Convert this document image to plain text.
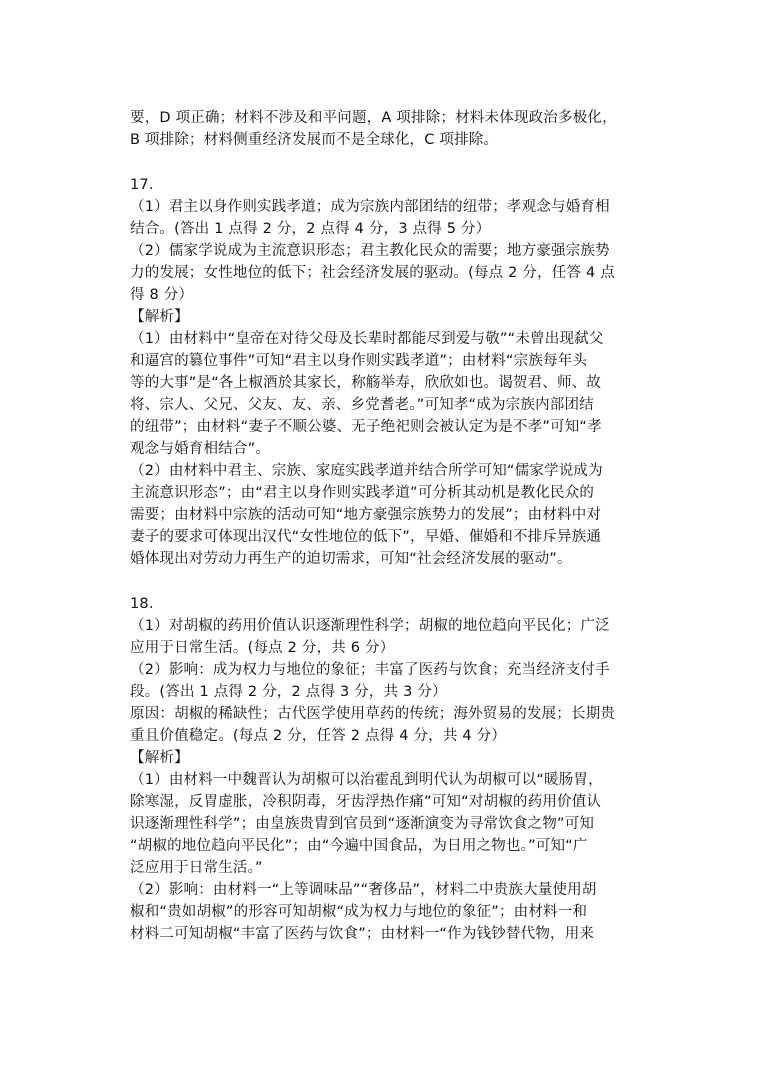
要，D 项正确；材料不涉及和平问题，A 项排除；材料未体现政治多极化，
B 项排除；材料侧重经济发展而不是全球化，C 项排除。
17.
（1）君主以身作则实践孝道；成为宗族内部团结的纽带；孝观念与婚育相
结合。(答出 1 点得 2 分，2 点得 4 分，3 点得 5 分）
（2）儒家学说成为主流意识形态；君主教化民众的需要；地方豪强宗族势
力的发展；女性地位的低下；社会经济发展的驱动。(每点 2 分，任答 4 点
得 8 分）
【解析】
（1）由材料中“皇帝在对待父母及长辈时都能尽到爱与敬”“未曾出现弑父
和逼宫的篡位事件”可知“君主以身作则实践孝道”；由材料“宗族每年头
等的大事”是“各上椒酒於其家长，称觞举寿，欣欣如也。谒贺君、师、故
将、宗人、父兄、父友、友、亲、乡党耆老。”可知孝“成为宗族内部团结
的纽带”；由材料“妻子不顺公婆、无子绝祀则会被认定为是不孝”可知“孝
观念与婚育相结合”。
（2）由材料中君主、宗族、家庭实践孝道并结合所学可知“儒家学说成为
主流意识形态”；由“君主以身作则实践孝道”可分析其动机是教化民众的
需要；由材料中宗族的活动可知“地方豪强宗族势力的发展”；由材料中对
妻子的要求可体现出汉代“女性地位的低下”，早婚、催婚和不排斥异族通
婚体现出对劳动力再生产的迫切需求，可知“社会经济发展的驱动”。
18.
（1）对胡椒的药用价值认识逐渐理性科学；胡椒的地位趋向平民化；广泛
应用于日常生活。(每点 2 分，共 6 分）
（2）影响：成为权力与地位的象征；丰富了医药与饮食；充当经济支付手
段。(答出 1 点得 2 分，2 点得 3 分，共 3 分）
原因：胡椒的稀缺性；古代医学使用草药的传统；海外贸易的发展；长期贵
重且价值稳定。(每点 2 分，任答 2 点得 4 分，共 4 分）
【解析】
（1）由材料一中魏晋认为胡椒可以治霍乱到明代认为胡椒可以“暖肠胃，
除寒湿，反胃虚胀，冷积阴毒，牙齿浮热作痛”可知“对胡椒的药用价值认
识逐渐理性科学”；由皇族贵胄到官员到“逐渐演变为寻常饮食之物”可知
“胡椒的地位趋向平民化”；由“今遍中国食品，为日用之物也。”可知“广
泛应用于日常生活。”
（2）影响：由材料一“上等调味品”“奢侈品”，材料二中贵族大量使用胡
椒和“贵如胡椒”的形容可知胡椒“成为权力与地位的象征”；由材料一和
材料二可知胡椒“丰富了医药与饮食”；由材料一“作为钱钞替代物，用来
